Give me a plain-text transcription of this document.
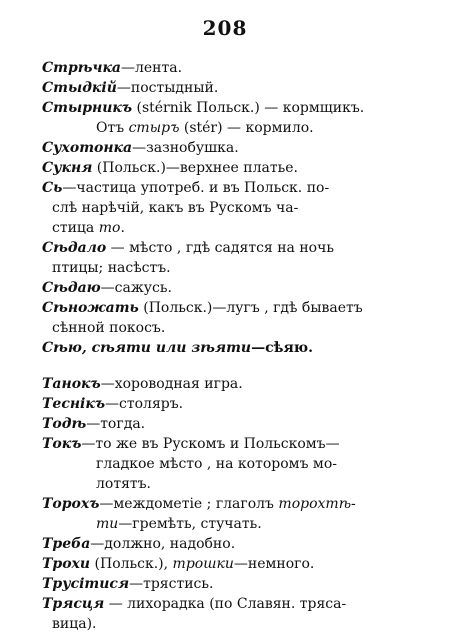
208
Стрѣчка—лента.
Стыдкій—постыдный.
Стырникъ (stérnik Польск.) — кормщикъ.
Отъ стыръ (stér) — кормило.
Сухотонка—зазнобушка.
Сукня (Польск.)—верхнее платье.
Сь—частица употреб. и въ Польск. по-
слѣ нарѣчій, какъ въ Рускомъ ча-
стица то.
Сѣдало — мѣсто , гдѣ садятся на ночь
птицы; насѣстъ.
Сѣдаю—сажусь.
Сѣножать (Польск.)—лугъ , гдѣ бываетъ
сѣнной покосъ.
Сѣю, сѣяти или зѣяти—сѣяю.
Танокъ—хороводная игра.
Теснікъ—столяръ.
Тодѣ—тогда.
Токъ—то же въ Рускомъ и Польскомъ—
гладкое мѣсто , на которомъ мо-
лотятъ.
Торохъ—междометіе ; глаголъ торохтѣ-
ти—гремѣть, стучать.
Треба—должно, надобно.
Трохи (Польск.), трошки—немного.
Трусітися—трястись.
Трясця — лихорадка (по Славян. тряса-
вица).
